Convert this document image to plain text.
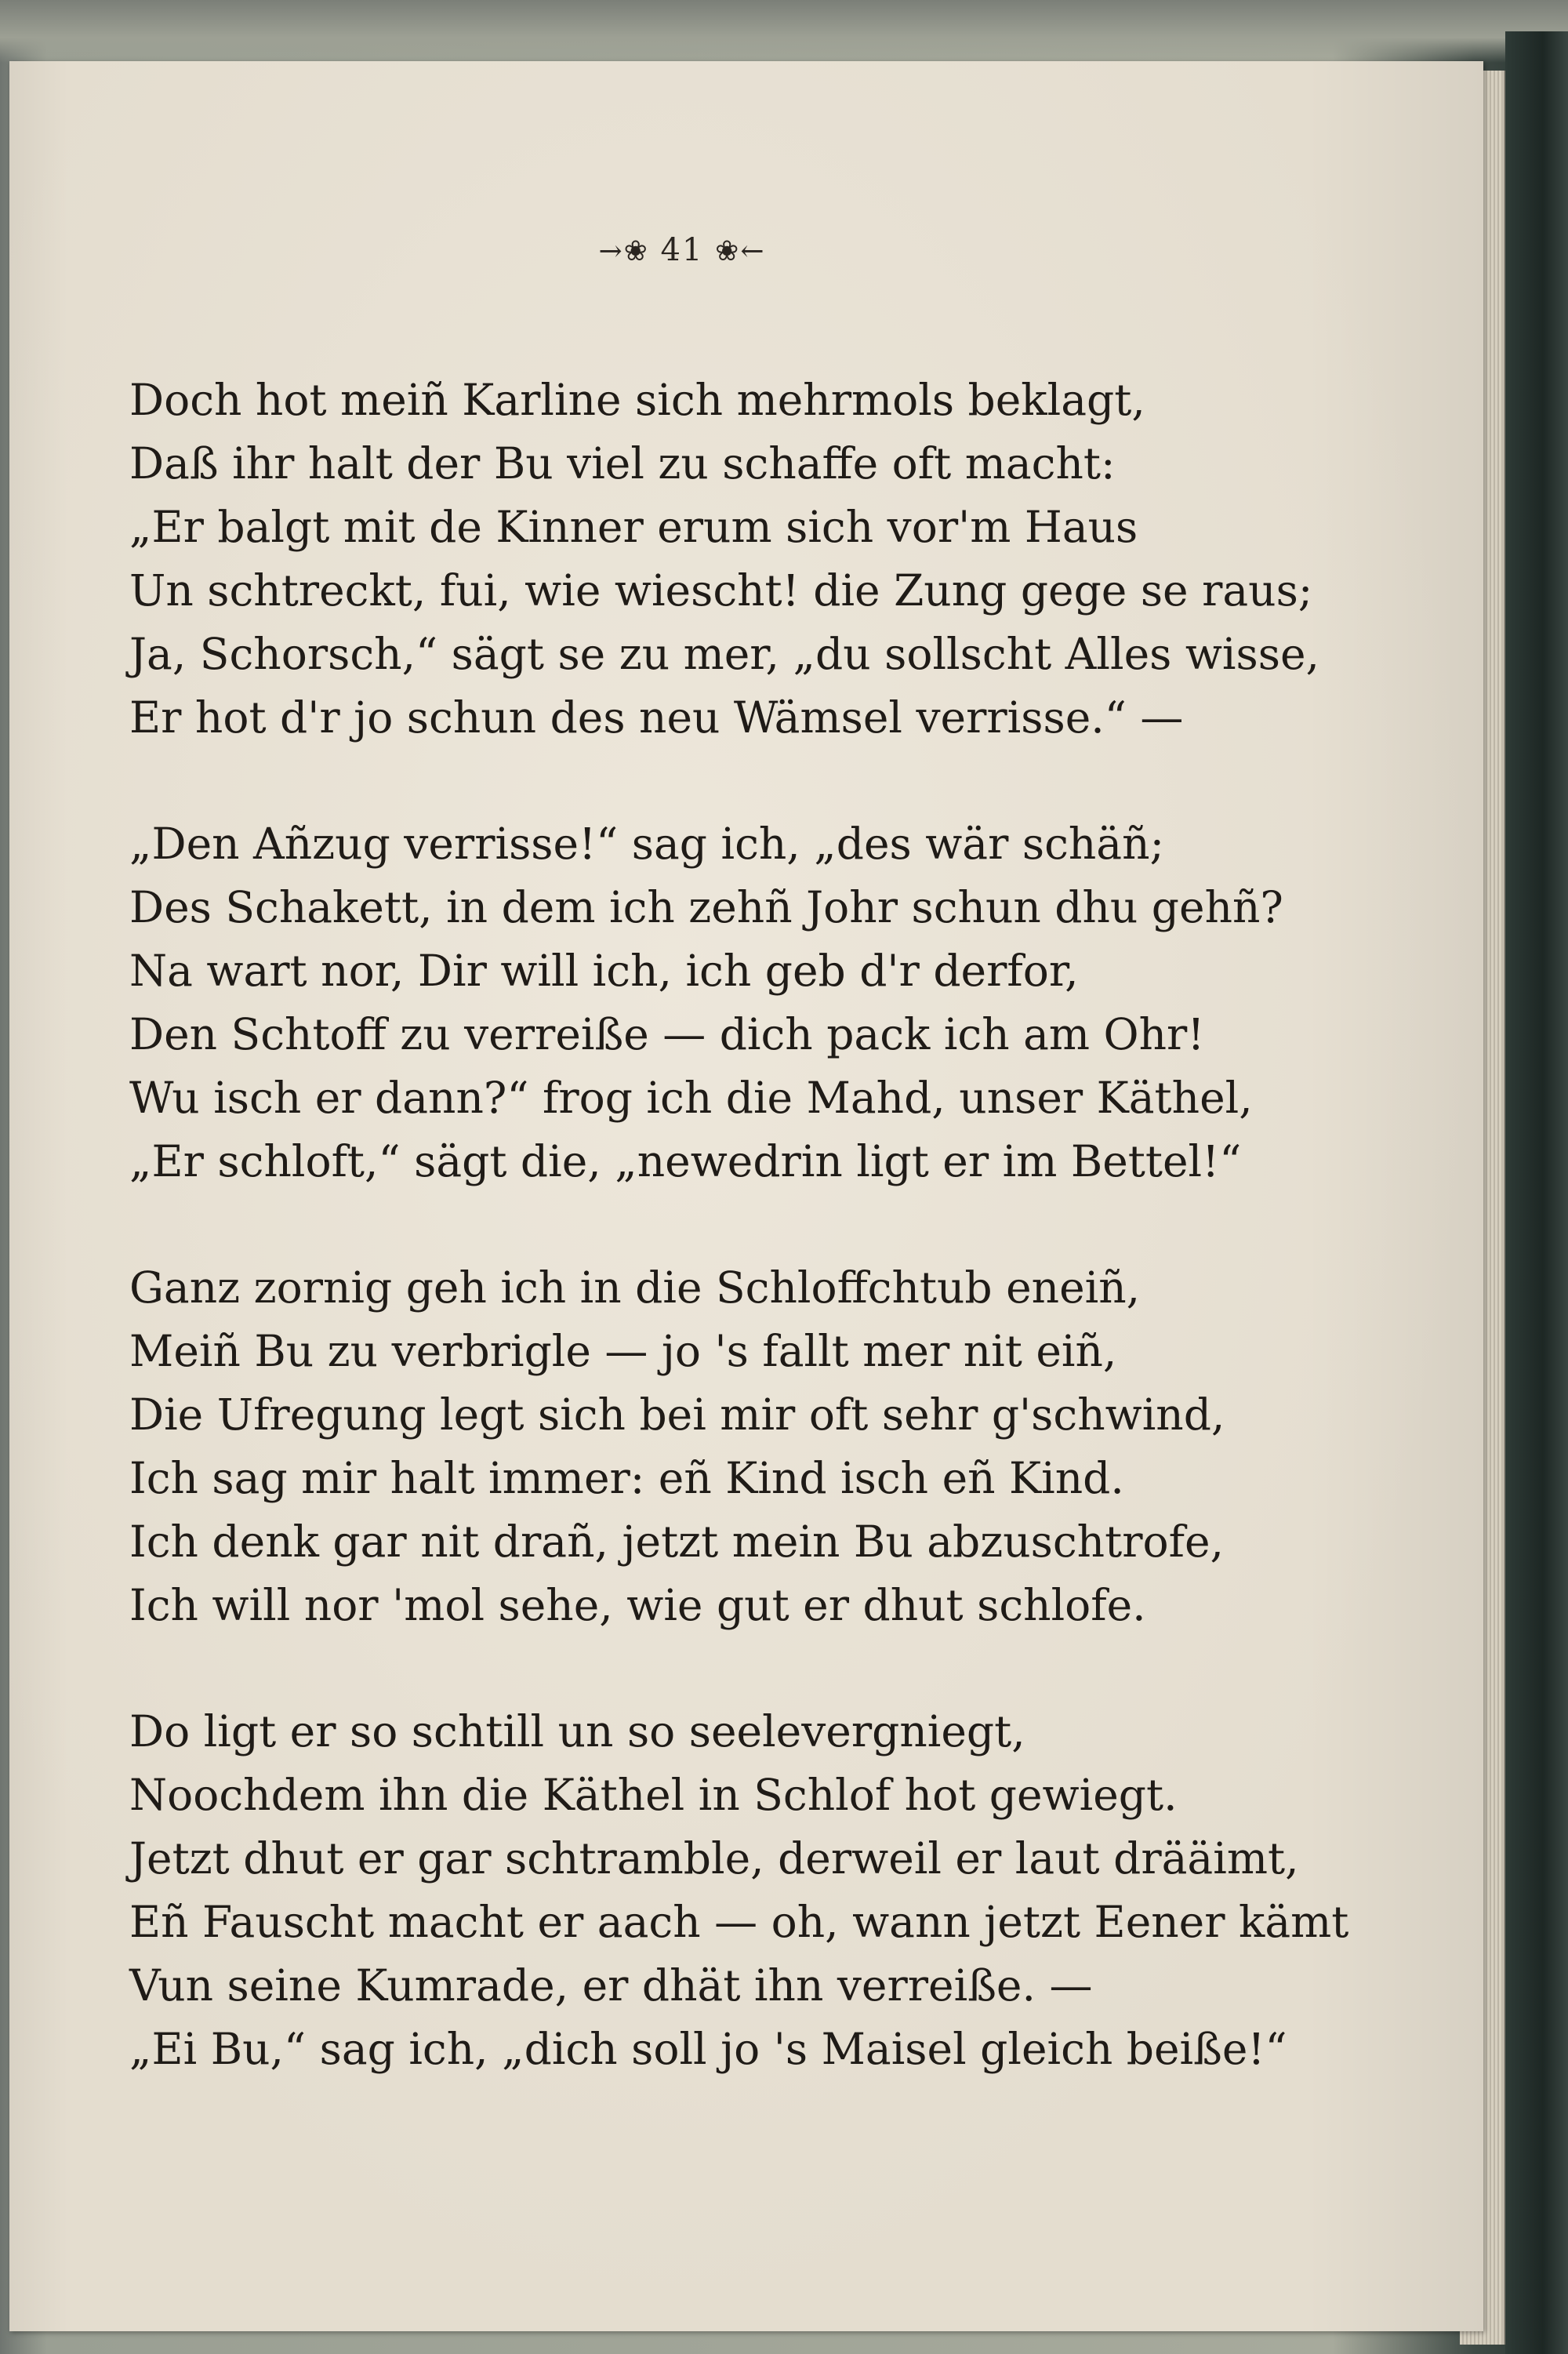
→❀ 41 ❀←
Doch hot meiñ Karline sich mehrmols beklagt,
Daß ihr halt der Bu viel zu schaffe oft macht:
„Er balgt mit de Kinner erum sich vor'm Haus
Un schtreckt, fui, wie wiescht! die Zung gege se raus;
Ja, Schorsch,“ sägt se zu mer, „du sollscht Alles wisse,
Er hot d'r jo schun des neu Wämsel verrisse.“ —
„Den Añzug verrisse!“ sag ich, „des wär schäñ;
Des Schakett, in dem ich zehñ Johr schun dhu gehñ?
Na wart nor, Dir will ich, ich geb d'r derfor,
Den Schtoff zu verreiße — dich pack ich am Ohr!
Wu isch er dann?“ frog ich die Mahd, unser Käthel,
„Er schloft,“ sägt die, „newedrin ligt er im Bettel!“
Ganz zornig geh ich in die Schloffchtub eneiñ,
Meiñ Bu zu verbrigle — jo 's fallt mer nit eiñ,
Die Ufregung legt sich bei mir oft sehr g'schwind,
Ich sag mir halt immer: eñ Kind isch eñ Kind.
Ich denk gar nit drañ, jetzt mein Bu abzuschtrofe,
Ich will nor 'mol sehe, wie gut er dhut schlofe.
Do ligt er so schtill un so seelevergniegt,
Noochdem ihn die Käthel in Schlof hot gewiegt.
Jetzt dhut er gar schtramble, derweil er laut drääimt,
Eñ Fauscht macht er aach — oh, wann jetzt Eener kämt
Vun seine Kumrade, er dhät ihn verreiße. —
„Ei Bu,“ sag ich, „dich soll jo 's Maisel gleich beiße!“
